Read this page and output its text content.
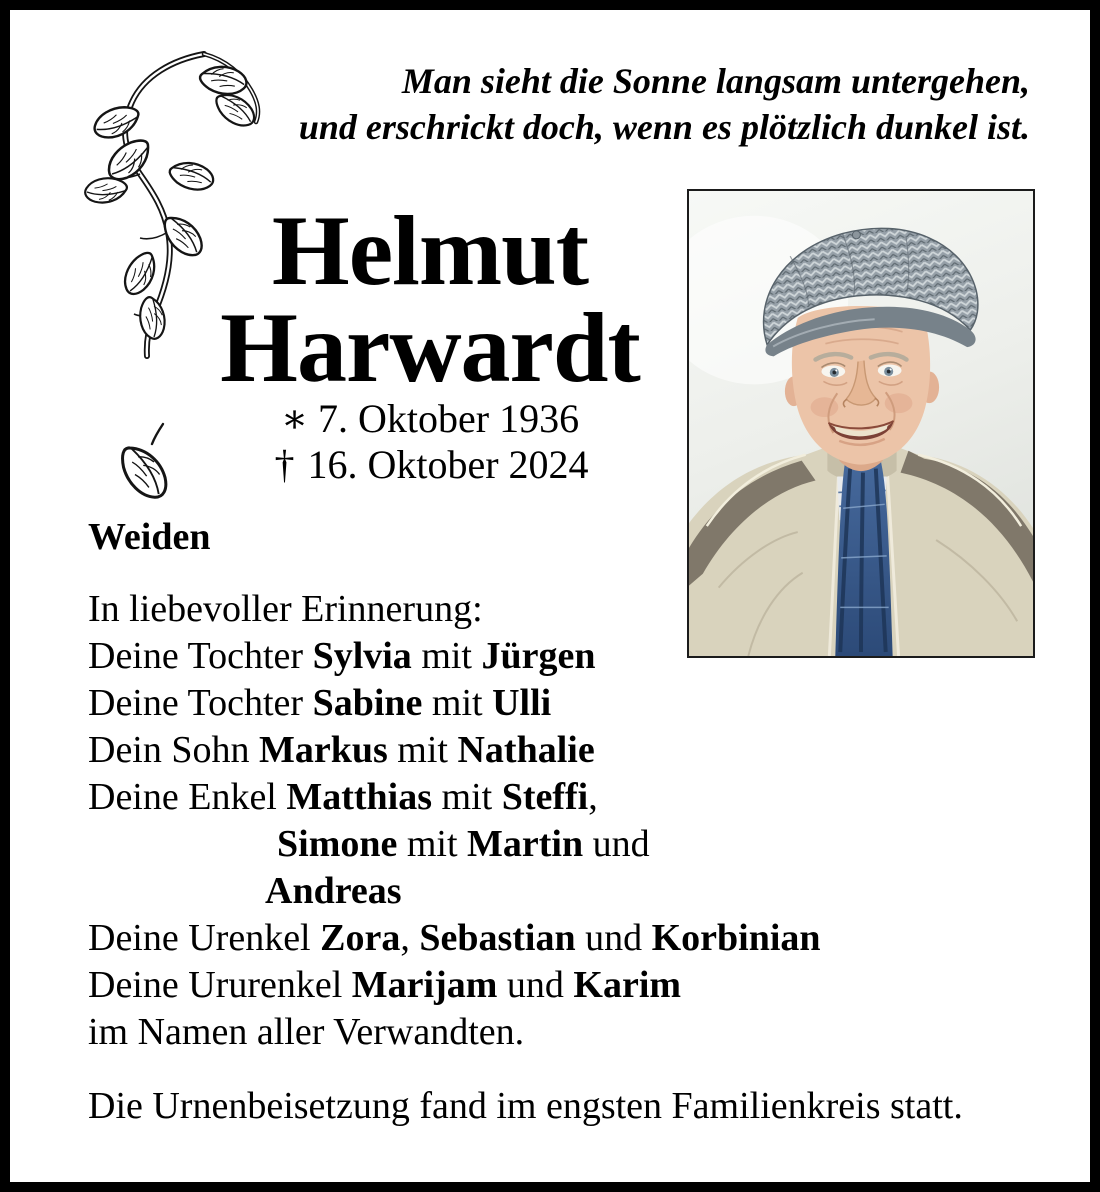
Man sieht die Sonne langsam untergehen,
und erschrickt doch, wenn es plötzlich dunkel ist.
Helmut
Harwardt
∗ 7. Oktober 1936
† 16. Oktober 2024
Weiden
In liebevoller Erinnerung:
Deine Tochter Sylvia mit Jürgen
Deine Tochter Sabine mit Ulli
Dein Sohn Markus mit Nathalie
Deine Enkel Matthias mit Steffi,
Simone mit Martin und
Andreas
Deine Urenkel Zora, Sebastian und Korbinian
Deine Ururenkel Marijam und Karim
im Namen aller Verwandten.
Die Urnenbeisetzung fand im engsten Familienkreis statt.
